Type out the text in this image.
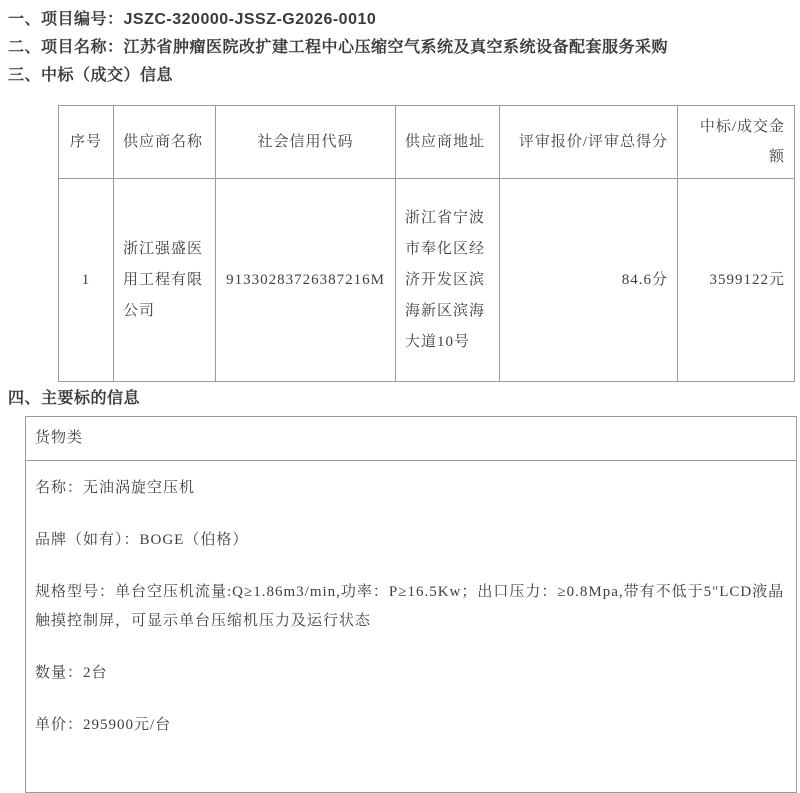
一、项目编号：JSZC-320000-JSSZ-G2026-0010
二、项目名称：江苏省肿瘤医院改扩建工程中心压缩空气系统及真空系统设备配套服务采购
三、中标（成交）信息
序号	供应商名称	社会信用代码	供应商地址	评审报价/评审总得分	中标/成交金额
1	浙江强盛医用工程有限公司	91330283726387216M	浙江省宁波市奉化区经济开发区滨海新区滨海大道10号	84.6分	3599122元
四、主要标的信息
货物类

名称：无油涡旋空压机

品牌（如有）：BOGE（伯格）

规格型号：单台空压机流量:Q≥1.86m3/min,功率：P≥16.5Kw；出口压力：≥0.8Mpa,带有不低于5"LCD液晶触摸控制屏，可显示单台压缩机压力及运行状态

数量：2台

单价：295900元/台
